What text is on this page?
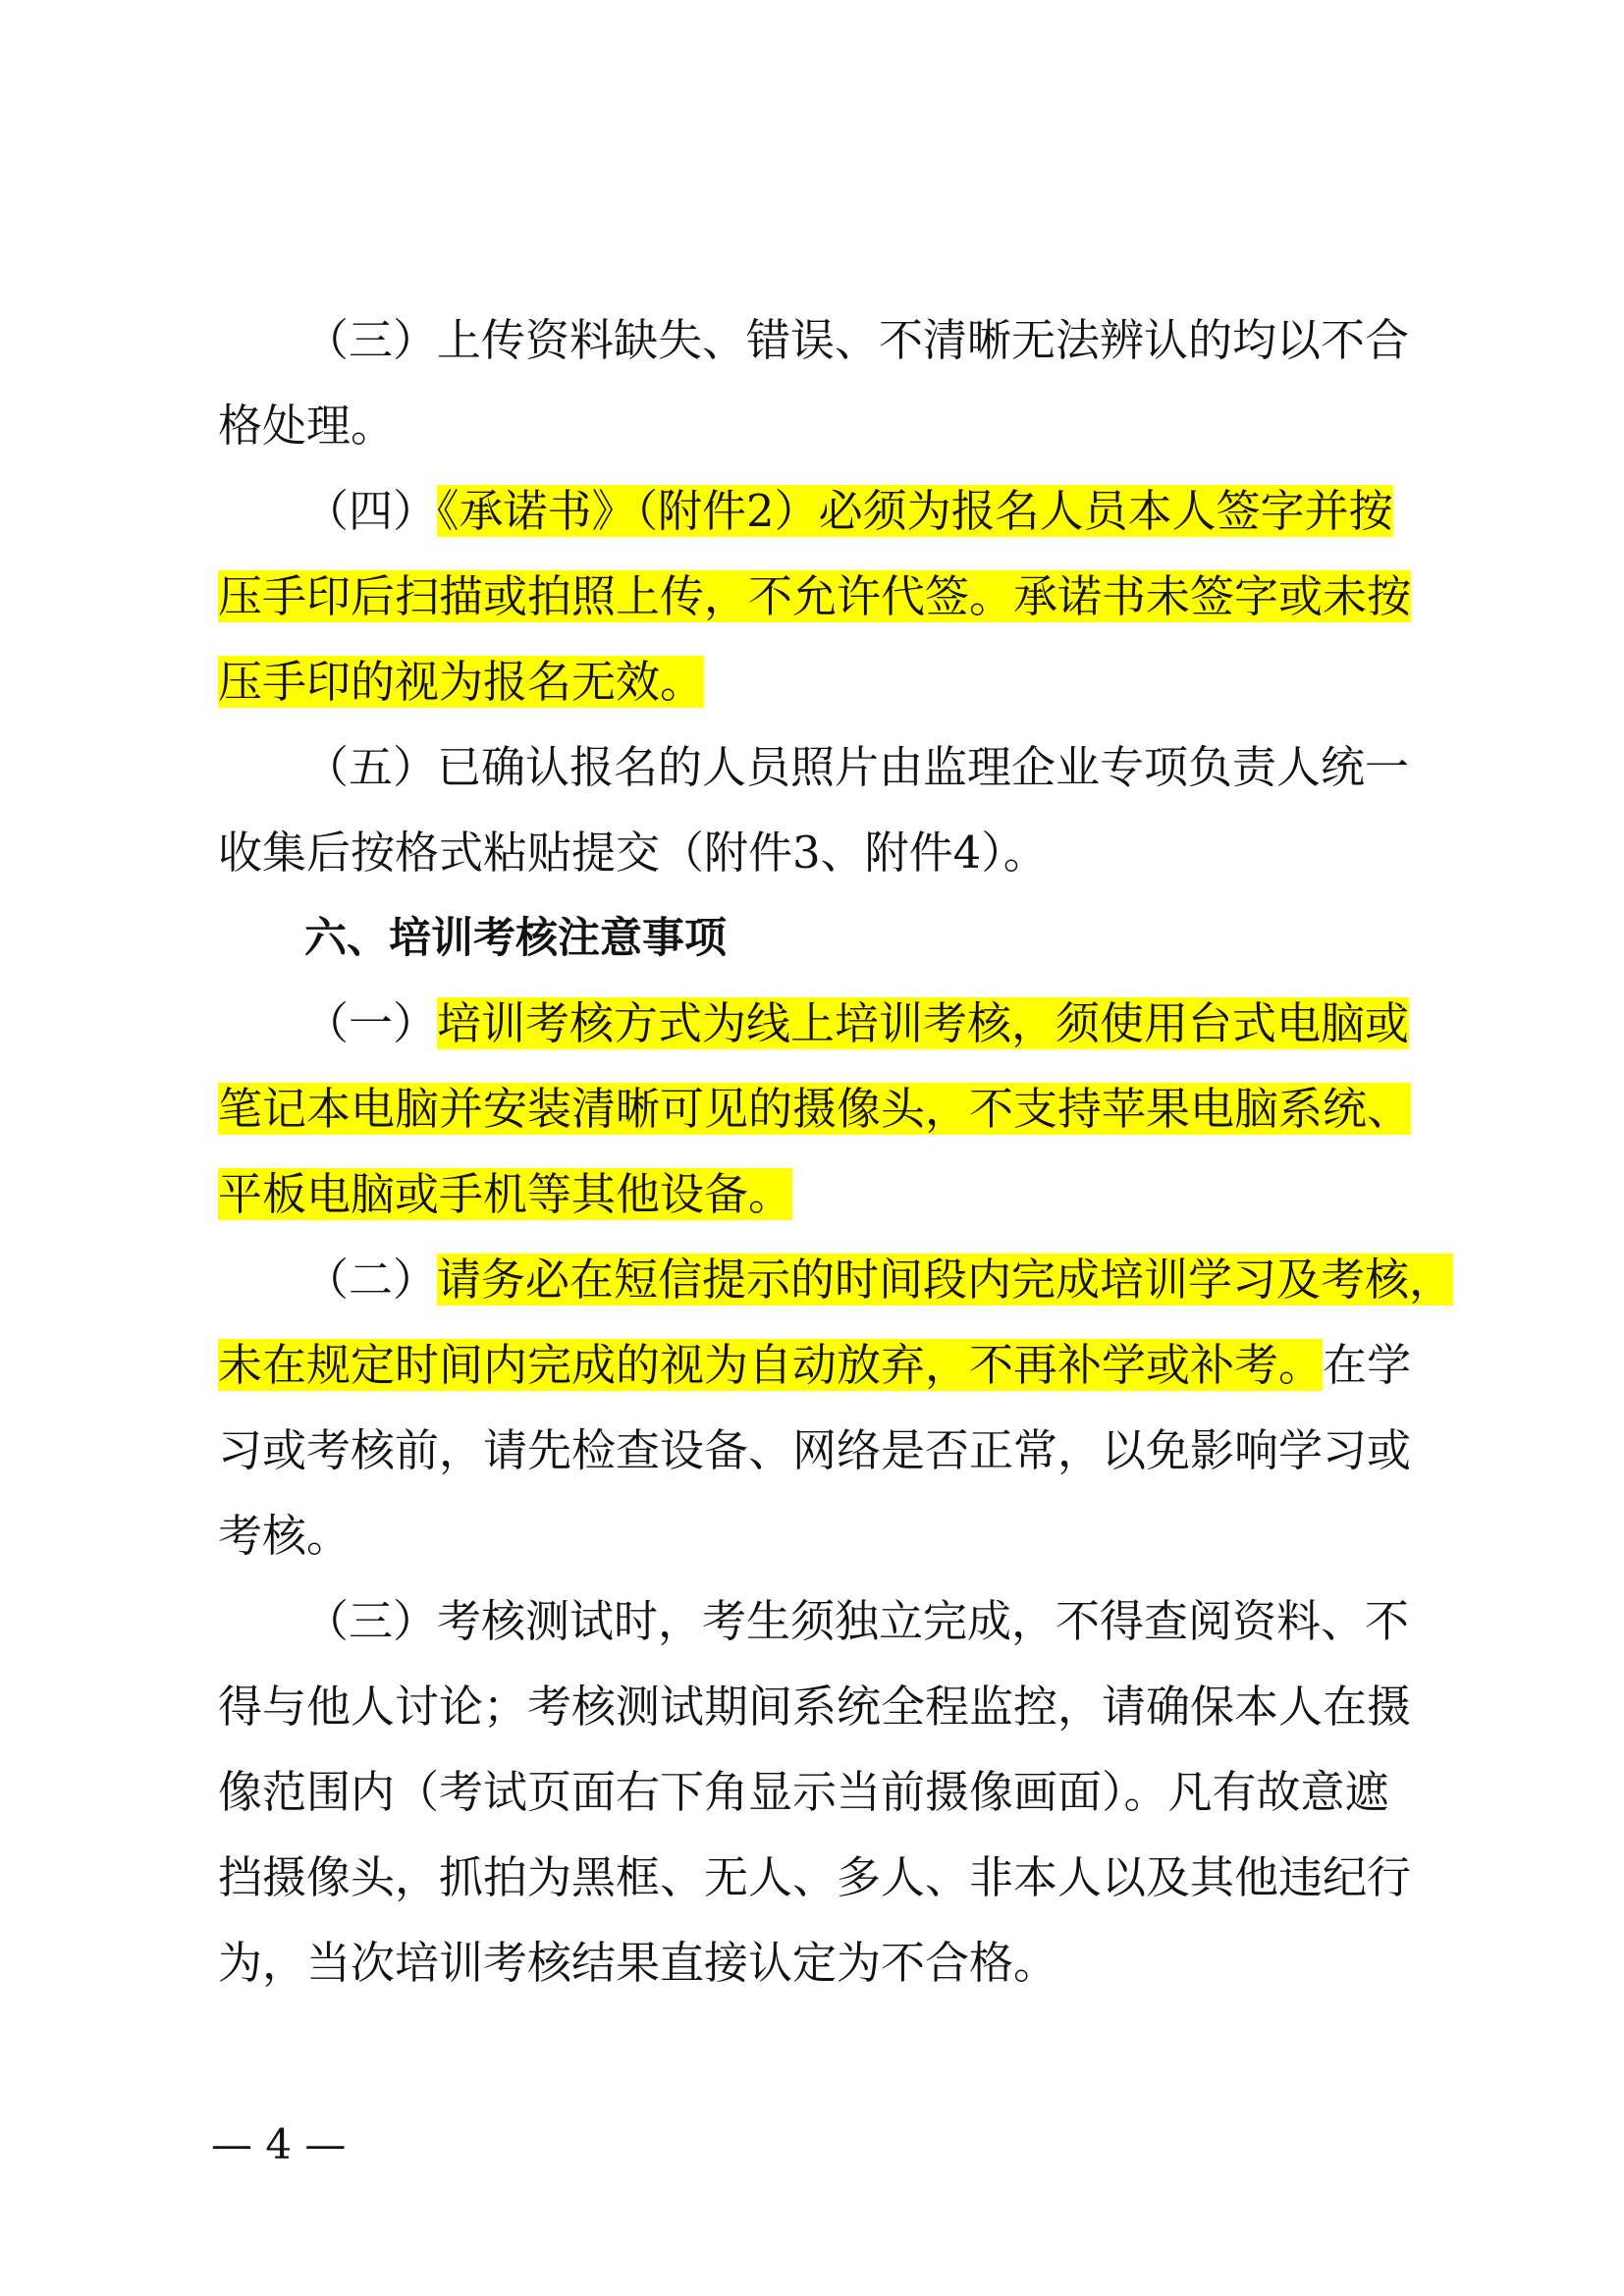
（三）上传资料缺失、错误、不清晰无法辨认的均以不合
格处理。
（四）《承诺书》（附件2）必须为报名人员本人签字并按
压手印后扫描或拍照上传，不允许代签。承诺书未签字或未按
压手印的视为报名无效。
（五）已确认报名的人员照片由监理企业专项负责人统一
收集后按格式粘贴提交（附件3、附件4）。
六、培训考核注意事项
（一）培训考核方式为线上培训考核，须使用台式电脑或
笔记本电脑并安装清晰可见的摄像头，不支持苹果电脑系统、
平板电脑或手机等其他设备。
（二）请务必在短信提示的时间段内完成培训学习及考核，
未在规定时间内完成的视为自动放弃，不再补学或补考。在学
习或考核前，请先检查设备、网络是否正常，以免影响学习或
考核。
（三）考核测试时，考生须独立完成，不得查阅资料、不
得与他人讨论；考核测试期间系统全程监控，请确保本人在摄
像范围内（考试页面右下角显示当前摄像画面）。凡有故意遮
挡摄像头，抓拍为黑框、无人、多人、非本人以及其他违纪行
为，当次培训考核结果直接认定为不合格。
— 4 —
